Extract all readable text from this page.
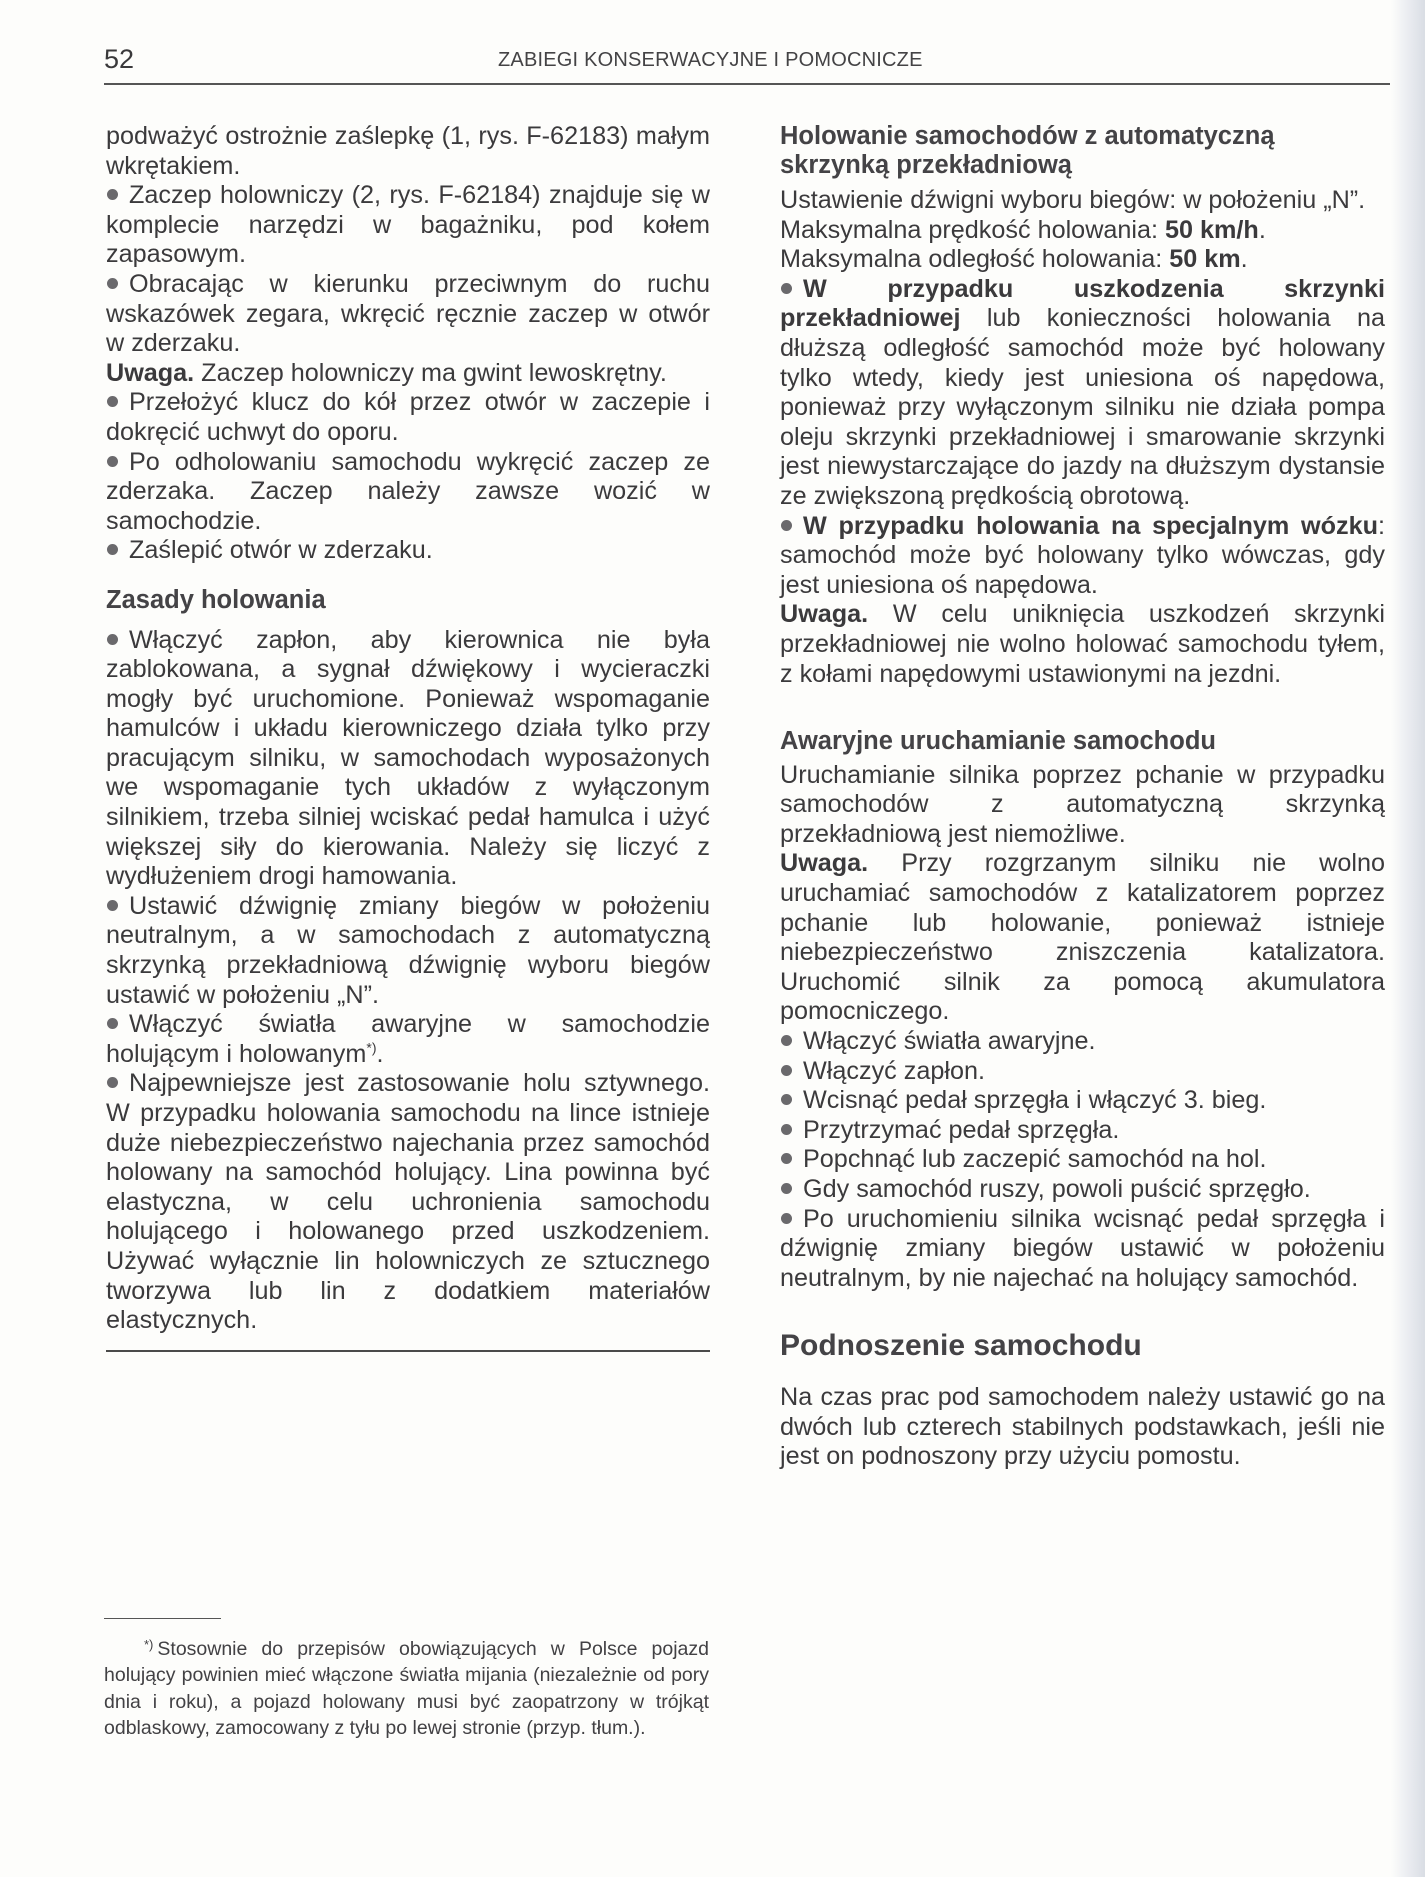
52	ZABIEGI KONSERWACYJNE I POMOCNICZE

podważyć ostrożnie zaślepkę (1, rys. F-62183) małym wkrętakiem.

Zaczep holowniczy (2, rys. F-62184) znajduje się w komplecie narzędzi w bagażniku, pod kołem zapasowym.

Obracając w kierunku przeciwnym do ruchu wskazówek zegara, wkręcić ręcznie zaczep w otwór w zderzaku.

Uwaga. Zaczep holowniczy ma gwint lewoskrętny.

Przełożyć klucz do kół przez otwór w zaczepie i dokręcić uchwyt do oporu.

Po odholowaniu samochodu wykręcić zaczep ze zderzaka. Zaczep należy zawsze wozić w samochodzie.

Zaślepić otwór w zderzaku.

Zasady holowania

Włączyć zapłon, aby kierownica nie była zablokowana, a sygnał dźwiękowy i wycieraczki mogły być uruchomione. Ponieważ wspomaganie hamulców i układu kierowniczego działa tylko przy pracującym silniku, w samochodach wyposażonych we wspomaganie tych układów z wyłączonym silnikiem, trzeba silniej wciskać pedał hamulca i użyć większej siły do kierowania. Należy się liczyć z wydłużeniem drogi hamowania.

Ustawić dźwignię zmiany biegów w położeniu neutralnym, a w samochodach z automatyczną skrzynką przekładniową dźwignię wyboru biegów ustawić w położeniu „N”.

Włączyć światła awaryjne w samochodzie holującym i holowanym*).

Najpewniejsze jest zastosowanie holu sztywnego. W przypadku holowania samochodu na lince istnieje duże niebezpieczeństwo najechania przez samochód holowany na samochód holujący. Lina powinna być elastyczna, w celu uchronienia samochodu holującego i holowanego przed uszkodzeniem. Używać wyłącznie lin holowniczych ze sztucznego tworzywa lub lin z dodatkiem materiałów elastycznych.

*) Stosownie do przepisów obowiązujących w Polsce pojazd holujący powinien mieć włączone światła mijania (niezależnie od pory dnia i roku), a pojazd holowany musi być zaopatrzony w trójkąt odblaskowy, zamocowany z tyłu po lewej stronie (przyp. tłum.).

Holowanie samochodów z automatyczną skrzynką przekładniową

Ustawienie dźwigni wyboru biegów: w położeniu „N”.

Maksymalna prędkość holowania: 50 km/h.

Maksymalna odległość holowania: 50 km.

W przypadku uszkodzenia skrzynki przekładniowej lub konieczności holowania na dłuższą odległość samochód może być holowany tylko wtedy, kiedy jest uniesiona oś napędowa, ponieważ przy wyłączonym silniku nie działa pompa oleju skrzynki przekładniowej i smarowanie skrzynki jest niewystarczające do jazdy na dłuższym dystansie ze zwiększoną prędkością obrotową.

W przypadku holowania na specjalnym wózku: samochód może być holowany tylko wówczas, gdy jest uniesiona oś napędowa.

Uwaga. W celu uniknięcia uszkodzeń skrzynki przekładniowej nie wolno holować samochodu tyłem, z kołami napędowymi ustawionymi na jezdni.

Awaryjne uruchamianie samochodu

Uruchamianie silnika poprzez pchanie w przypadku samochodów z automatyczną skrzynką przekładniową jest niemożliwe.

Uwaga. Przy rozgrzanym silniku nie wolno uruchamiać samochodów z katalizatorem poprzez pchanie lub holowanie, ponieważ istnieje niebezpieczeństwo zniszczenia katalizatora. Uruchomić silnik za pomocą akumulatora pomocniczego.

Włączyć światła awaryjne.

Włączyć zapłon.

Wcisnąć pedał sprzęgła i włączyć 3. bieg.

Przytrzymać pedał sprzęgła.

Popchnąć lub zaczepić samochód na hol.

Gdy samochód ruszy, powoli puścić sprzęgło.

Po uruchomieniu silnika wcisnąć pedał sprzęgła i dźwignię zmiany biegów ustawić w położeniu neutralnym, by nie najechać na holujący samochód.

Podnoszenie samochodu

Na czas prac pod samochodem należy ustawić go na dwóch lub czterech stabilnych podstawkach, jeśli nie jest on podnoszony przy użyciu pomostu.
